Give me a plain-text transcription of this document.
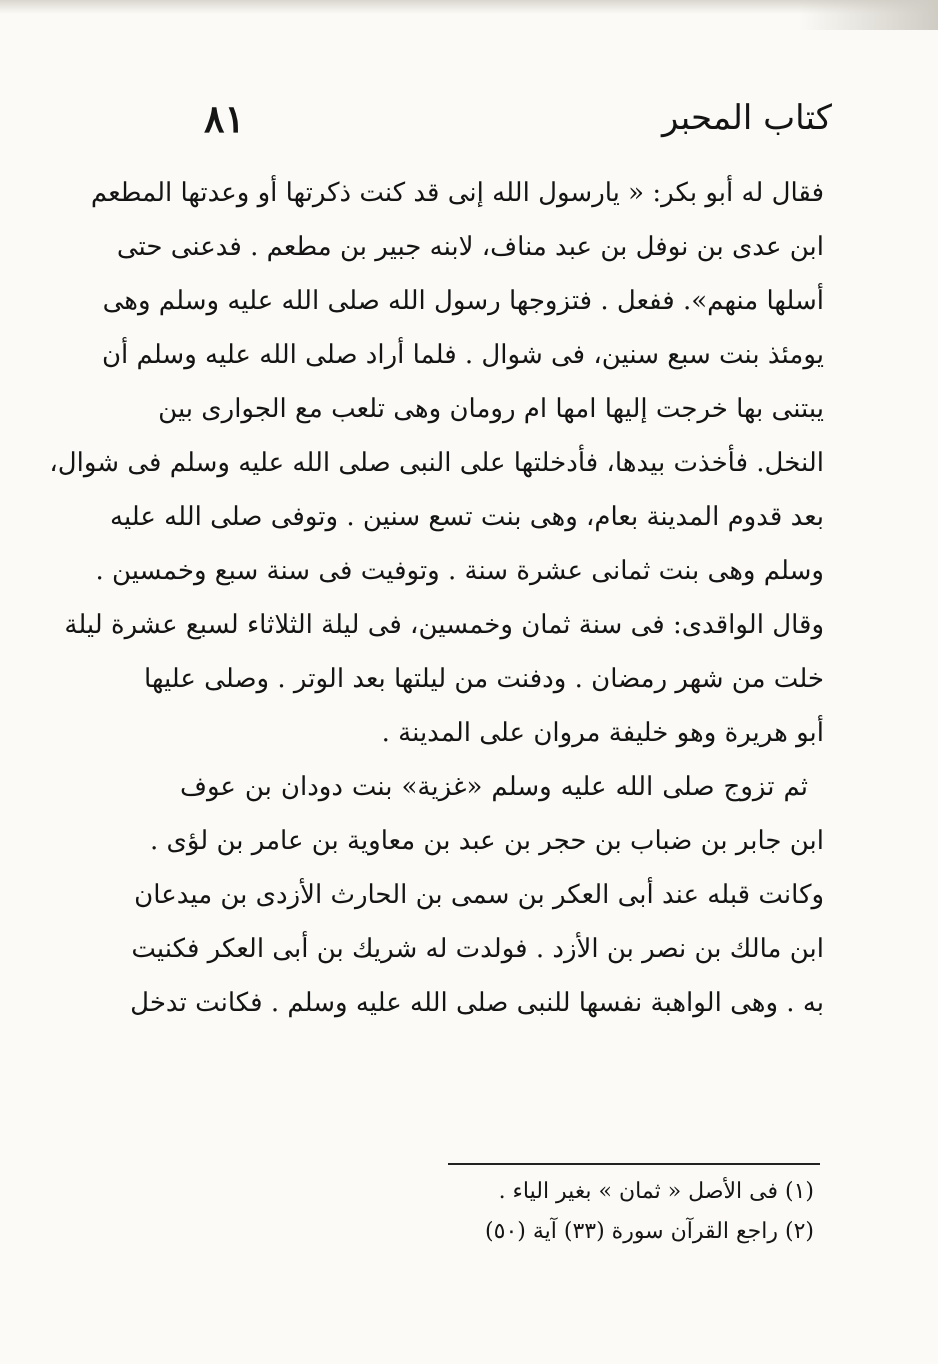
كتاب المحبر
٨١
فقال له أبو بكر: « يارسول الله إنى قد كنت ذكرتها أو وعدتها المطعم
ابن عدى بن نوفل بن عبد مناف، لابنه جبير بن مطعم . فدعنى حتى
أسلها منهم». ففعل . فتزوجها رسول الله صلى الله عليه وسلم وهى
يومئذ بنت سبع سنين، فى شوال . فلما أراد صلى الله عليه وسلم أن
يبتنى بها خرجت إليها امها ام رومان وهى تلعب مع الجوارى بين
النخل. فأخذت بيدها، فأدخلتها على النبى صلى الله عليه وسلم فى شوال،
بعد قدوم المدينة بعام، وهى بنت تسع سنين . وتوفى صلى الله عليه
وسلم وهى بنت ثمانى عشرة سنة . وتوفيت فى سنة سبع وخمسين .
وقال الواقدى: فى سنة ثمان وخمسين، فى ليلة الثلاثاء لسبع عشرة ليلة
خلت من شهر رمضان . ودفنت من ليلتها بعد الوتر . وصلى عليها
أبو هريرة وهو خليفة مروان على المدينة .
ثم تزوج صلى الله عليه وسلم «غزية» بنت دودان بن عوف
ابن جابر بن ضباب بن حجر بن عبد بن معاوية بن عامر بن لؤى .
وكانت قبله عند أبى العكر بن سمى بن الحارث الأزدى بن ميدعان
ابن مالك بن نصر بن الأزد . فولدت له شريك بن أبى العكر فكنيت
به . وهى الواهبة نفسها للنبى صلى الله عليه وسلم . فكانت تدخل
(١) فى الأصل « ثمان » بغير الياء .
(٢) راجع القرآن سورة (٣٣) آية (٥٠)
